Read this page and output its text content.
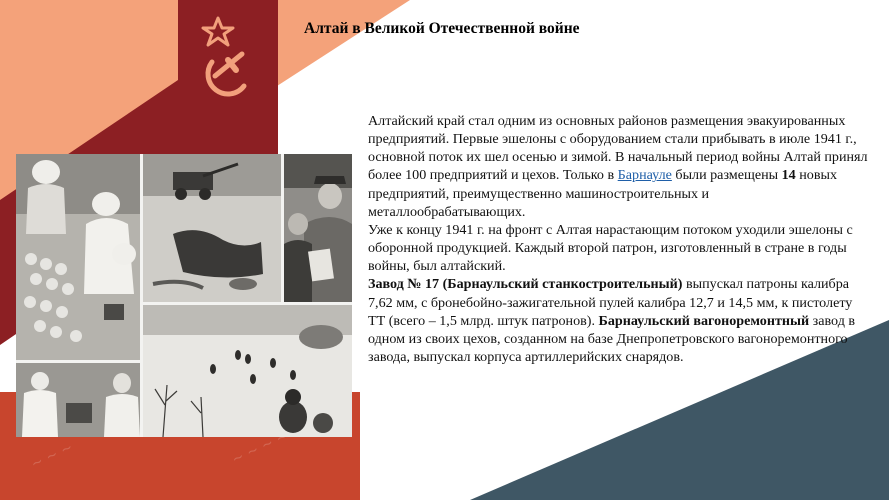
Алтай в Великой Отечественной войне

Алтайский край стал одним из основных районов размещения эвакуированных предприятий. Первые эшелоны с оборудованием стали прибывать в июле 1941 г., основной поток их шел осенью и зимой. В начальный период войны Алтай принял более 100 предприятий и цехов. Только в Барнауле были размещены 14 новых предприятий, преимущественно машиностроительных и металлообрабатывающих.

Уже к концу 1941 г. на фронт с Алтая нарастающим потоком уходили эшелоны с оборонной продукцией. Каждый второй патрон, изготовленный в стране в годы войны, был алтайский.

Завод № 17 (Барнаульский станкостроительный) выпускал патроны калибра 7,62 мм, с бронебойно-зажигательной пулей калибра 12,7 и 14,5 мм, к пистолету ТТ (всего – 1,5 млрд. штук патронов). Барнаульский вагоноремонтный завод в одном из своих цехов, созданном на базе Днепропетровского вагоноремонтного завода, выпускал корпуса артиллерийских снарядов.
